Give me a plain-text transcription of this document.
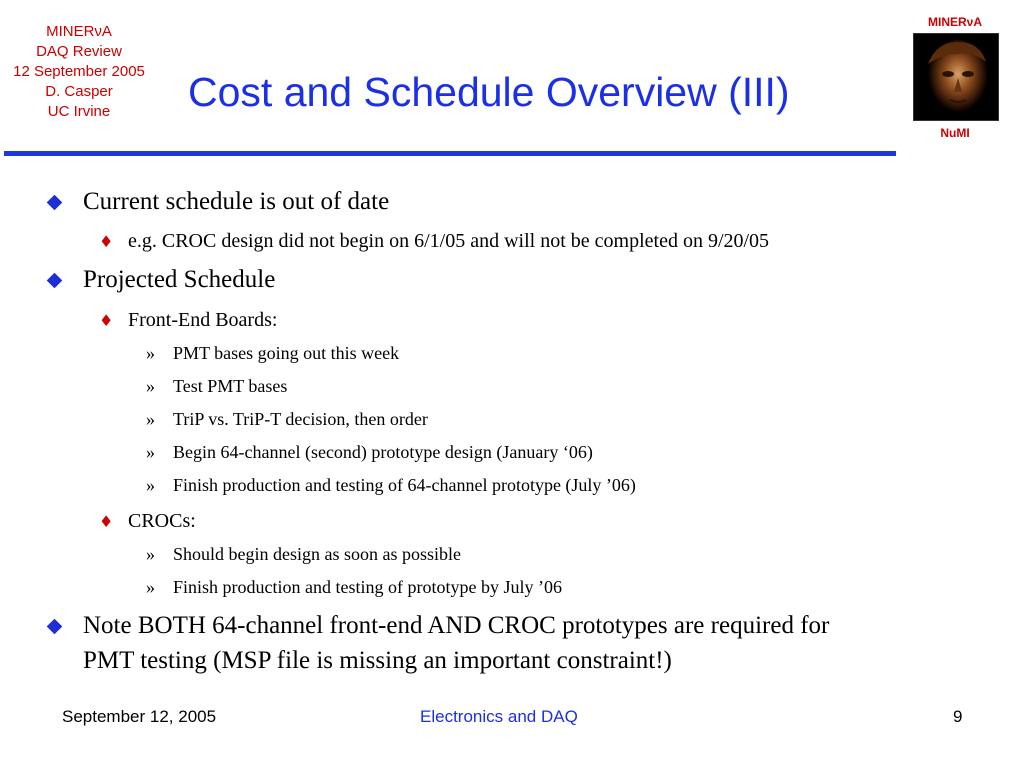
MINERνA
DAQ Review
12 September 2005
D. Casper
UC Irvine	Cost and Schedule Overview (III)
MINERνA
NuMI
Current schedule is out of date
♦ e.g. CROC design did not begin on 6/1/05 and will not be completed on 9/20/05
Projected Schedule
♦ Front-End Boards:
» PMT bases going out this week
» Test PMT bases
» TriP vs. TriP-T decision, then order
» Begin 64-channel (second) prototype design (January ‘06)
» Finish production and testing of 64-channel prototype (July ’06)
♦ CROCs:
» Should begin design as soon as possible
» Finish production and testing of prototype by July ’06
Note BOTH 64-channel front-end AND CROC prototypes are required for
PMT testing (MSP file is missing an important constraint!)
September 12, 2005	Electronics and DAQ	9
